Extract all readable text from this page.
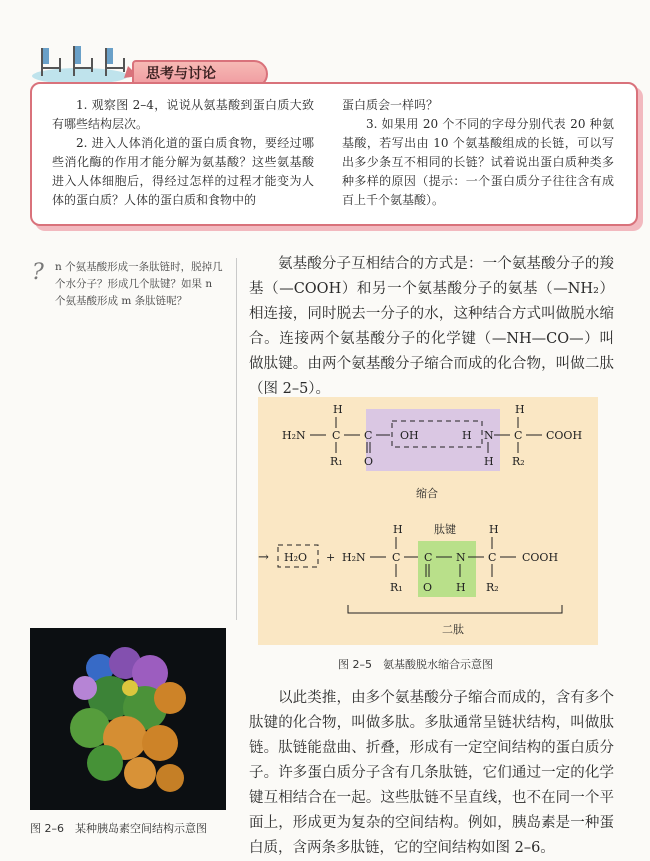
思考与讨论

1. 观察图 2–4，说说从氨基酸到蛋白质大致有哪些结构层次。

2. 进入人体消化道的蛋白质食物，要经过哪些消化酶的作用才能分解为氨基酸？这些氨基酸进入人体细胞后，得经过怎样的过程才能变为人体的蛋白质？人体的蛋白质和食物中的

蛋白质会一样吗？

3. 如果用 20 个不同的字母分别代表 20 种氨基酸，若写出由 10 个氨基酸组成的长链，可以写出多少条互不相同的长链？试着说出蛋白质种类多种多样的原因（提示：一个蛋白质分子往往含有成百上千个氨基酸）。

? n 个氨基酸形成一条肽链时，脱掉几个水分子？形成几个肽键？如果 n 个氨基酸形成 m 条肽链呢？

氨基酸分子互相结合的方式是：一个氨基酸分子的羧基（—COOH）和另一个氨基酸分子的氨基（—NH₂）相连接，同时脱去一分子的水，这种结合方式叫做脱水缩合。连接两个氨基酸分子的化学键（—NH—CO—）叫做肽键。由两个氨基酸分子缩合而成的化合物，叫做二肽（图 2–5）。

H₂N C
H
R₁
C
O
OH	H N
H
C
H
R₂
COOH
缩合
→ H₂O + H₂N C
H
R₁
肽键
C
O
N
H
C
H
R₂
COOH
二肽
图 2–5　氨基酸脱水缩合示意图
图 2–6　某种胰岛素空间结构示意图

以此类推，由多个氨基酸分子缩合而成的，含有多个肽键的化合物，叫做多肽。多肽通常呈链状结构，叫做肽链。肽链能盘曲、折叠，形成有一定空间结构的蛋白质分子。许多蛋白质分子含有几条肽链，它们通过一定的化学键互相结合在一起。这些肽链不呈直线，也不在同一个平面上，形成更为复杂的空间结构。例如，胰岛素是一种蛋白质，含两条多肽链，它的空间结构如图 2–6。
